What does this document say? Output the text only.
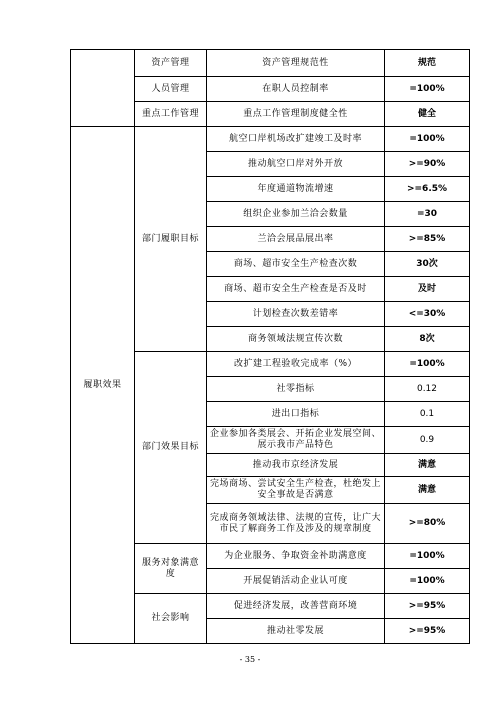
	资产管理	资产管理规范性	规范
	人员管理	在职人员控制率	=100%
	重点工作管理	重点工作管理制度健全性	健全
履职效果	部门履职目标	航空口岸机场改扩建竣工及时率	=100%
		推动航空口岸对外开放	>=90%
		年度通道物流增速	>=6.5%
		组织企业参加兰洽会数量	=30
		兰洽会展品展出率	>=85%
		商场、超市安全生产检查次数	30次
		商场、超市安全生产检查是否及时	及时
		计划检查次数差错率	<=30%
		商务领域法规宣传次数	8次
	部门效果目标	改扩建工程验收完成率（%）	=100%
		社零指标	0.12
		进出口指标	0.1
		企业参加各类展会、开拓企业发展空间、展示我市产品特色	0.9
		推动我市京经济发展	满意
		完场商场、尝试安全生产检查，杜绝发上安全事故是否满意	满意
		完成商务领域法律、法规的宣传，让广大市民了解商务工作及涉及的规章制度	>=80%
	服务对象满意度	为企业服务、争取资金补助满意度	=100%
		开展促销活动企业认可度	=100%
	社会影响	促进经济发展，改善营商环境	>=95%
		推动社零发展	>=95%
- 35 -
